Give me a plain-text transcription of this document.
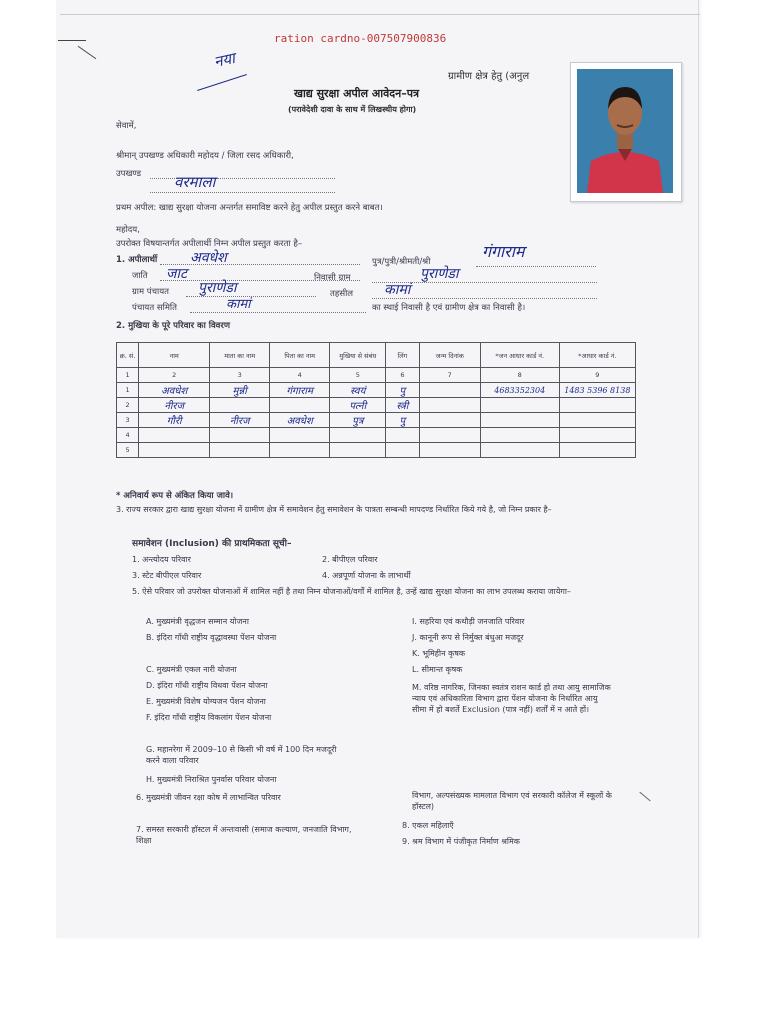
ration cardno-007507900836
नया
ग्रामीण क्षेत्र हेतु (अनुल
खाद्य सुरक्षा अपील आवेदन–पत्र
(परावेदेशी दावा के साथ में लिखस्थीय होगा)
सेवामें,
श्रीमान् उपखण्ड अधिकारी महोदय / जिला रसद अधिकारी,
उपखण्ड वरमाला
प्रथम अपील: खाद्य सुरक्षा योजना अन्तर्गत समाविष्ट करने हेतु अपील प्रस्तुत करने बाबत।
महोदय,
उपरोक्त विषयान्तर्गत अपीलार्थी निम्न अपील प्रस्तुत करता है–
1. अपीलार्थी अवधेश	पुत्र/पुत्री/श्रीमती/श्री
गंगाराम
जाति जाट	निवासी ग्राम	पुराणेडा
ग्राम पंचायत पुराणेडा	तहसील कामां
पंचायत समिति	कामां	का स्थाई निवासी है एवं ग्रामीण क्षेत्र का निवासी है।
2. मुखिया के पूरे परिवार का विवरण
क्र. सं.	नाम	माता का नाम	पिता का नाम	मुखिया से संबंध	लिंग	जन्म दिनांक	*जन आधार कार्ड नं.	*आधार कार्ड नं.
1	2	3	4	5	6	7	8	9
1	अवधेश	मुन्नी	गंगाराम	स्वयं	पु		4683352304	1483 5396 8138
2	नीरज			पत्नी	स्त्री			
3	गौरी	नीरज	अवधेश	पुत्र	पु			
4								
5								
* अनिवार्य रूप से अंकित किया जावे।
3. राज्य सरकार द्वारा खाद्य सुरक्षा योजना में ग्रामीण क्षेत्र में समावेशन हेतु समावेशन के पात्रता सम्बन्धी मापदण्ड निर्धारित किये गये है, जो निम्न प्रकार है–
समावेशन (Inclusion) की प्राथमिकता सूची–
1. अन्त्योदय परिवार	2. बीपीएल परिवार
3. स्टेट बीपीएल परिवार	4. अन्नपूर्णा योजना के लाभार्थी
5. ऐसे परिवार जो उपरोक्त योजनाओं में शामिल नहीं है तथा निम्न योजनाओं/वर्गों में शामिल है, उन्हें खाद्य सुरक्षा योजना का लाभ उपलब्ध कराया जायेगा–
A. मुख्यमंत्री वृद्धजन सम्मान योजना
B. इंदिरा गाँधी राष्ट्रीय वृद्धावस्था पेंशन योजना
C. मुख्यमंत्री एकल नारी योजना
D. इंदिरा गाँधी राष्ट्रीय विधवा पेंशन योजना
E. मुख्यमंत्री विशेष योग्यजन पेंशन योजना
F. इंदिरा गाँधी राष्ट्रीय विकलांग पेंशन योजना
G. महानरेगा में 2009–10 से किसी भी वर्ष में 100 दिन मजदूरी करने वाला परिवार
H. मुख्यमंत्री निराश्रित पुनर्वास परिवार योजना
6. मुख्यमंत्री जीवन रक्षा कोष में लाभान्वित परिवार
7. समस्त सरकारी हॉस्टल में अन्तःवासी (समाज कल्याण, जनजाति विभाग, शिक्षा
I. सहरिया एवं कथौड़ी जनजाति परिवार
J. कानूनी रूप से निर्मुक्त बंधुआ मजदूर
K. भूमिहीन कृषक
L. सीमान्त कृषक
M. वरिष्ठ नागरिक, जिनका स्वतंत्र राशन कार्ड हो तथा आयु सामाजिक न्याय एवं अधिकारिता विभाग द्वारा पेंशन योजना के निर्धारित आयु सीमा में हो बशर्ते Exclusion (पात्र नहीं) शर्तों में न आते हों।
विभाग, अल्पसंख्यक मामलात विभाग एवं सरकारी कॉलेज में स्कूलों के हॉस्टल)
8. एकल महिलाएँ
9. श्रम विभाग में पंजीकृत निर्माण श्रमिक
